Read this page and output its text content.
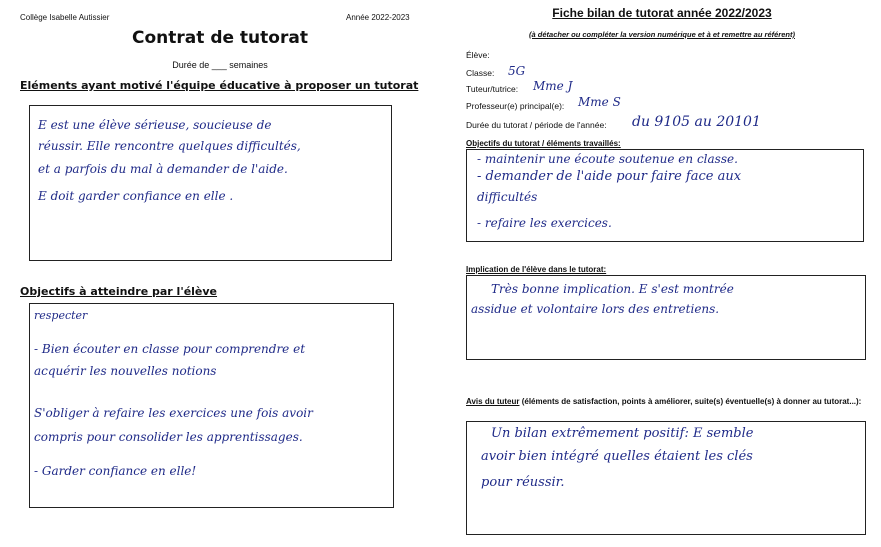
Collège Isabelle Autissier	Année 2022-2023
Contrat de tutorat
Durée de ___ semaines
Eléments ayant motivé l'équipe éducative à proposer un tutorat
E est une élève sérieuse, soucieuse de
réussir. Elle rencontre quelques difficultés,
et a parfois du mal à demander de l'aide.
E doit garder confiance en elle .
Objectifs à atteindre par l'élève
respecter
- Bien écouter en classe pour comprendre et
acquérir les nouvelles notions
S'obliger à refaire les exercices une fois avoir
compris pour consolider les apprentissages.
- Garder confiance en elle!
Fiche bilan de tutorat année 2022/2023
(à détacher ou compléter la version numérique et à et remettre au référent)
Élève:
Classe: 5G
Tuteur/tutrice: Mme J
Professeur(e) principal(e): Mme S
Durée du tutorat / période de l'année: du 9105 au 20101
Objectifs du tutorat / éléments travaillés:
- maintenir une écoute soutenue en classe.
- demander de l'aide pour faire face aux
difficultés
- refaire les exercices.
Implication de l'élève dans le tutorat:
Très bonne implication. E s'est montrée
assidue et volontaire lors des entretiens.
Avis du tuteur (éléments de satisfaction, points à améliorer, suite(s) éventuelle(s) à donner au tutorat...):
Un bilan extrêmement positif: E semble
avoir bien intégré quelles étaient les clés
pour réussir.
